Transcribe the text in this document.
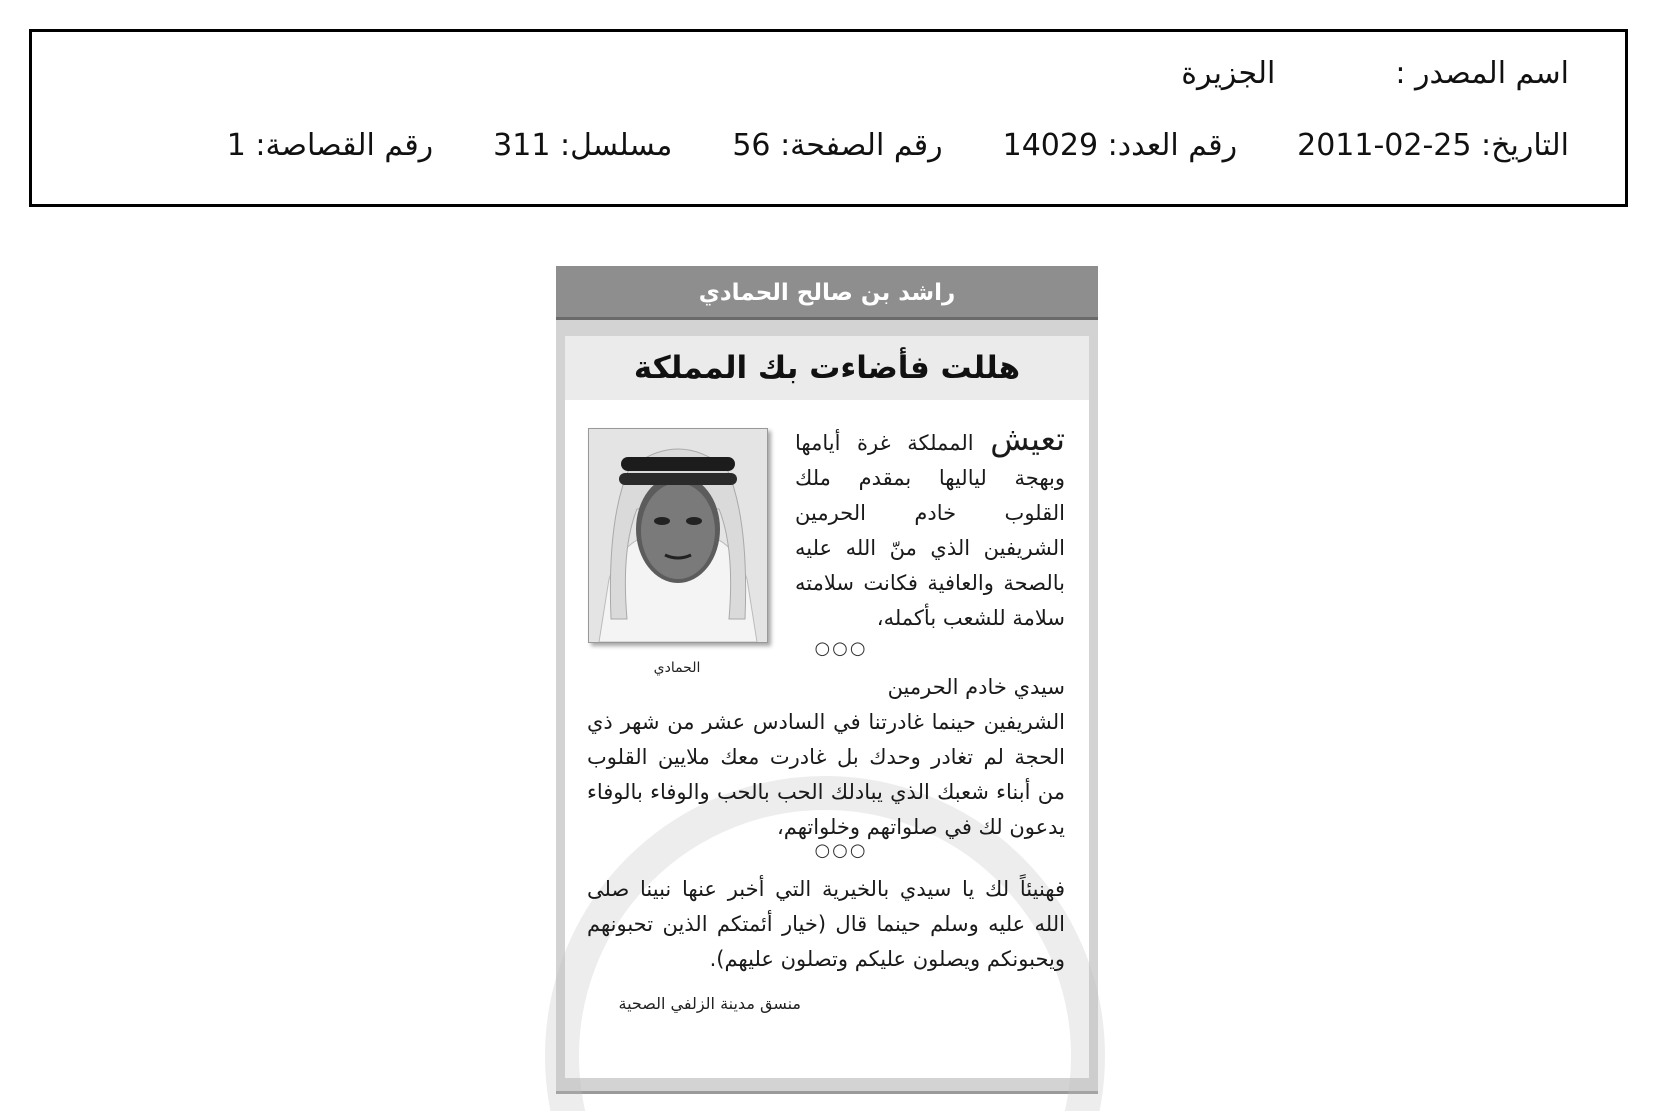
اسم المصدر :الجزيرة
التاريخ: 2011-02-25رقم العدد: 14029رقم الصفحة: 56مسلسل: 311رقم القصاصة: 1
راشد بن صالح الحمادي
هللت فأضاءت بك المملكة
الحمادي
تعيش المملكة غرة أيامها وبهجة لياليها بمقدم ملك القلوب خادم الحرمين الشريفين الذي منّ الله عليه بالصحة والعافية فكانت سلامته سلامة للشعب بأكمله،
○○○
سيدي خادم الحرمين
الشريفين حينما غادرتنا في السادس عشر من شهر ذي الحجة لم تغادر وحدك بل غادرت معك ملايين القلوب من أبناء شعبك الذي يبادلك الحب بالحب والوفاء بالوفاء يدعون لك في صلواتهم وخلواتهم،
○○○
فهنيئاً لك يا سيدي بالخيرية التي أخبر عنها نبينا صلى الله عليه وسلم حينما قال (خيار أئمتكم الذين تحبونهم ويحبونكم ويصلون عليكم وتصلون عليهم).
منسق مدينة الزلفي الصحية
